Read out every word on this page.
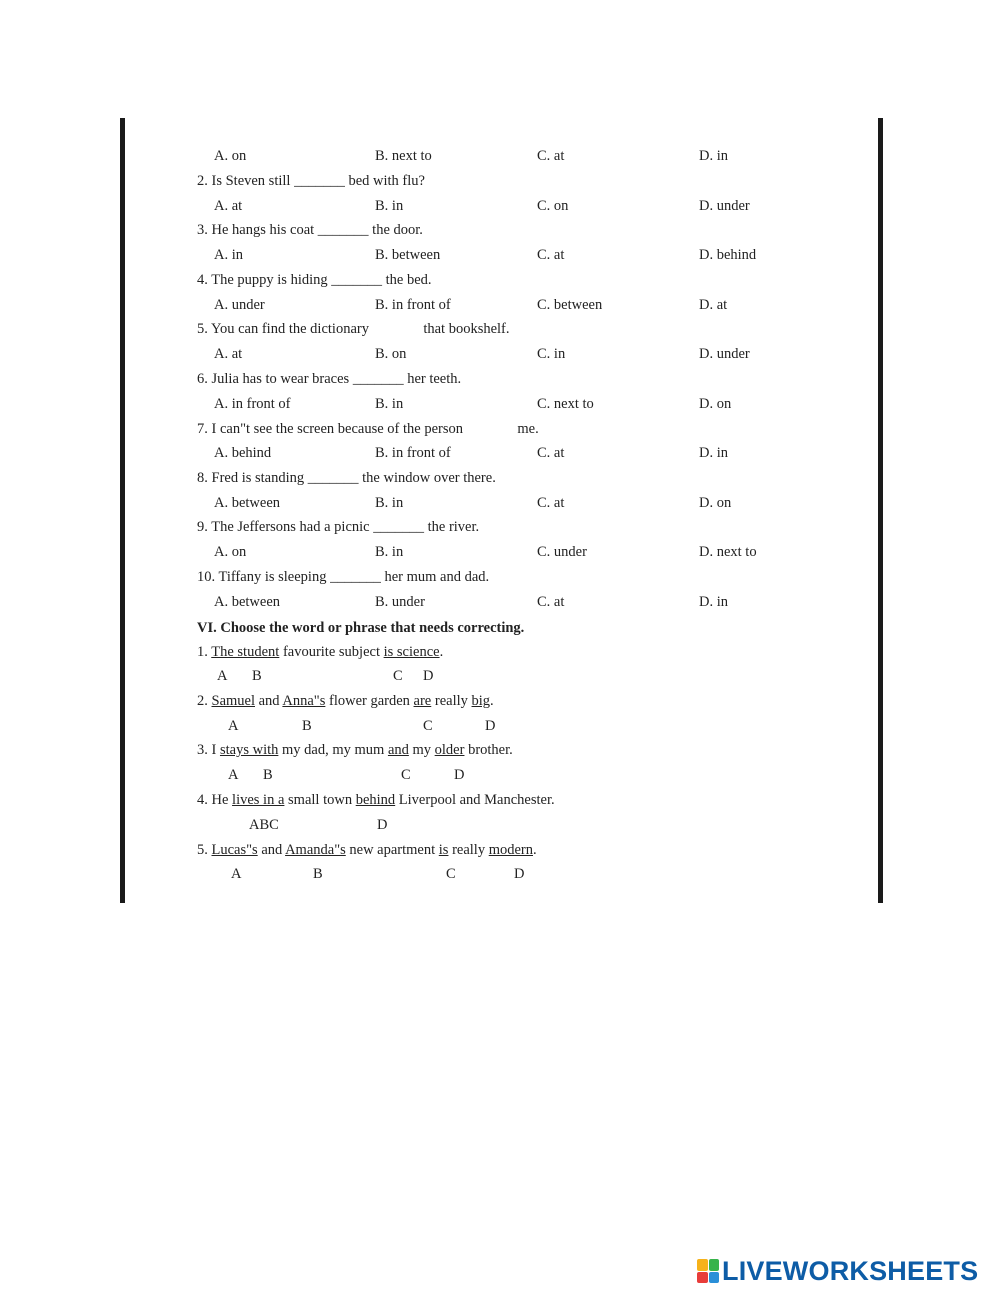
A. on	B. next to	C. at	D. in
2. Is Steven still _______ bed with flu?
A. at	B. in	C. on	D. under
3. He hangs his coat _______ the door.
A. in	B. between	C. at	D. behind
4. The puppy is hiding _______ the bed.
A. under	B. in front of	C. between	D. at
5. You can find the dictionary               that bookshelf.
A. at	B. on	C. in	D. under
6. Julia has to wear braces _______ her teeth.
A. in front of	B. in	C. next to	D. on
7. I can"t see the screen because of the person               me.
A. behind	B. in front of	C. at	D. in
8. Fred is standing _______ the window over there.
A. between	B. in	C. at	D. on
9. The Jeffersons had a picnic _______ the river.
A. on	B. in	C. under	D. next to
10. Tiffany is sleeping _______ her mum and dad.
A. between	B. under	C. at	D. in
VI. Choose the word or phrase that needs correcting.
1. The student favourite subject is science.
A B	C D
2. Samuel and Anna"s flower garden are really big.
A	B	C	D
3. I stays with my dad, my mum and my older brother.
A B	C	D
4. He lives in a small town behind Liverpool and Manchester.
ABC	D
5. Lucas"s and Amanda"s new apartment is really modern.
A	B	C	D
LIVEWORKSHEETS
